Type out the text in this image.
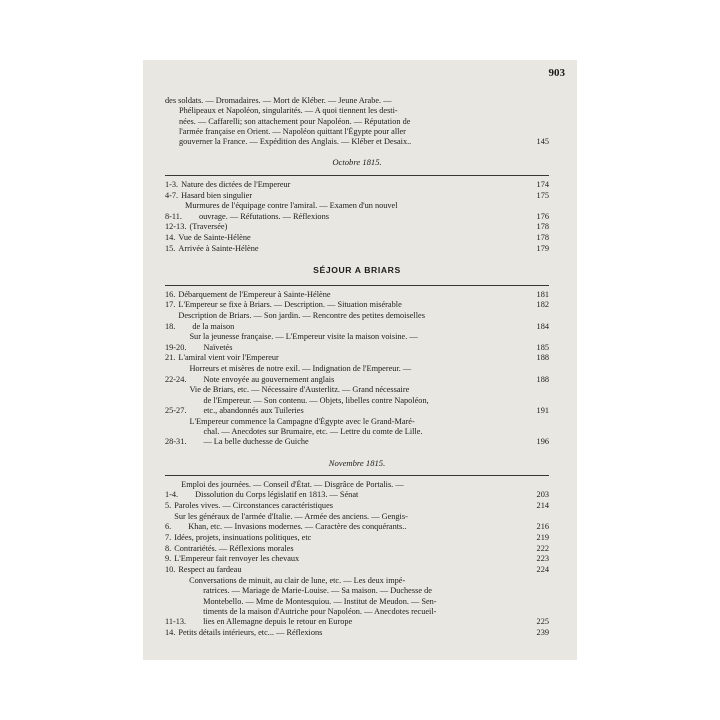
903
des soldats. — Dromadaires. — Mort de Kléber. — Jeune Arabe. —
Phélipeaux et Napoléon, singularités. — A quoi tiennent les desti-
nées. — Caffarelli; son attachement pour Napoléon. — Réputation de
l'armée française en Orient. — Napoléon quittant l'Égypte pour aller
gouverner la France. — Expédition des Anglais. — Kléber et Desaix..	145
Octobre 1815.
1-3. Nature des dictées de l'Empereur	174
4-7. Hasard bien singulier	175
8-11.
Murmures de l'équipage contre l'amiral. — Examen d'un nouvel
ouvrage. — Réfutations. — Réflexions	176
12-13. (Traversée)	178
14. Vue de Sainte-Hélène	178
15. Arrivée à Sainte-Hélène	179
SÉJOUR A BRIARS
16. Débarquement de l'Empereur à Sainte-Hélène	181
17. L'Empereur se fixe à Briars. — Description. — Situation misérable	182
18.
Description de Briars. — Son jardin. — Rencontre des petites demoiselles
de la maison	184
19-20.
Sur la jeunesse française. — L'Empereur visite la maison voisine. —
Naïvetés	185
21. L'amiral vient voir l'Empereur	188
22-24.
Horreurs et misères de notre exil. — Indignation de l'Empereur. —
Note envoyée au gouvernement anglais	188
25-27.
Vie de Briars, etc. — Nécessaire d'Austerlitz. — Grand nécessaire
de l'Empereur. — Son contenu. — Objets, libelles contre Napoléon,
etc., abandonnés aux Tuileries	191
28-31.
L'Empereur commence la Campagne d'Égypte avec le Grand-Maré-
chal. — Anecdotes sur Brumaire, etc. — Lettre du comte de Lille.
— La belle duchesse de Guiche	196
Novembre 1815.
1-4.
Emploi des journées. — Conseil d'État. — Disgrâce de Portalis. —
Dissolution du Corps législatif en 1813. — Sénat	203
5. Paroles vives. — Circonstances caractéristiques	214
6.
Sur les généraux de l'armée d'Italie. — Armée des anciens. — Gengis-
Khan, etc. — Invasions modernes. — Caractère des conquérants..	216
7. Idées, projets, insinuations politiques, etc	219
8. Contrariétés. — Réflexions morales	222
9. L'Empereur fait renvoyer les chevaux	223
10. Respect au fardeau	224
11-13.
Conversations de minuit, au clair de lune, etc. — Les deux impé-
ratrices. — Mariage de Marie-Louise. — Sa maison. — Duchesse de
Montebello. — Mme de Montesquiou. — Institut de Meudon. — Sen-
timents de la maison d'Autriche pour Napoléon. — Anecdotes recueil-
lies en Allemagne depuis le retour en Europe	225
14. Petits détails intérieurs, etc... — Réflexions	239
